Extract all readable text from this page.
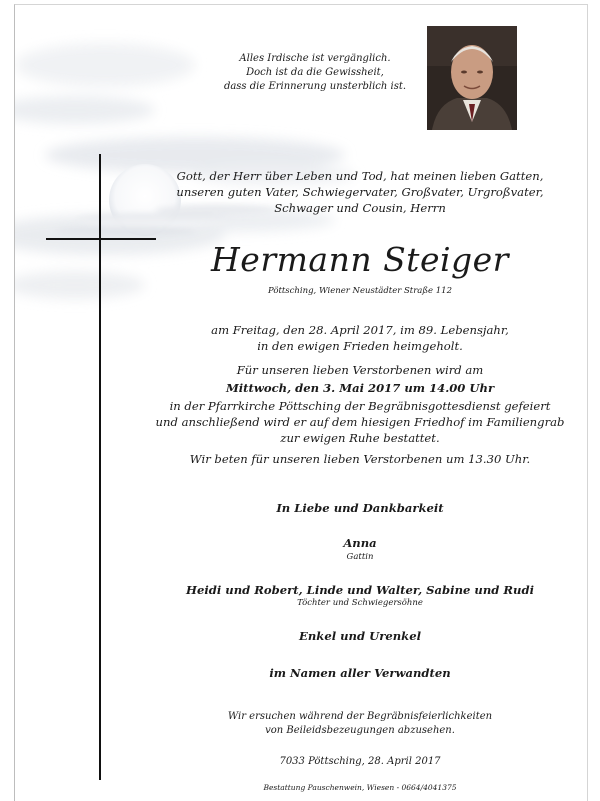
Alles Irdische ist vergänglich.
Doch ist da die Gewissheit,
dass die Erinnerung unsterblich ist.
Gott, der Herr über Leben und Tod, hat meinen lieben Gatten,
unseren guten Vater, Schwiegervater, Großvater, Urgroßvater,
Schwager und Cousin, Herrn
Hermann Steiger
Pöttsching, Wiener Neustädter Straße 112
am Freitag, den 28. April 2017, im 89. Lebensjahr,
in den ewigen Frieden heimgeholt.
Für unseren lieben Verstorbenen wird am
Mittwoch, den 3. Mai 2017 um 14.00 Uhr
in der Pfarrkirche Pöttsching der Begräbnisgottesdienst gefeiert
und anschließend wird er auf dem hiesigen Friedhof im Familiengrab
zur ewigen Ruhe bestattet.
Wir beten für unseren lieben Verstorbenen um 13.30 Uhr.
In Liebe und Dankbarkeit
Anna
Gattin
Heidi und Robert, Linde und Walter, Sabine und Rudi
Töchter und Schwiegersöhne
Enkel und Urenkel
im Namen aller Verwandten
Wir ersuchen während der Begräbnisfeierlichkeiten
von Beileidsbezeugungen abzusehen.
7033 Pöttsching, 28. April 2017
Bestattung Pauschenwein, Wiesen - 0664/4041375
